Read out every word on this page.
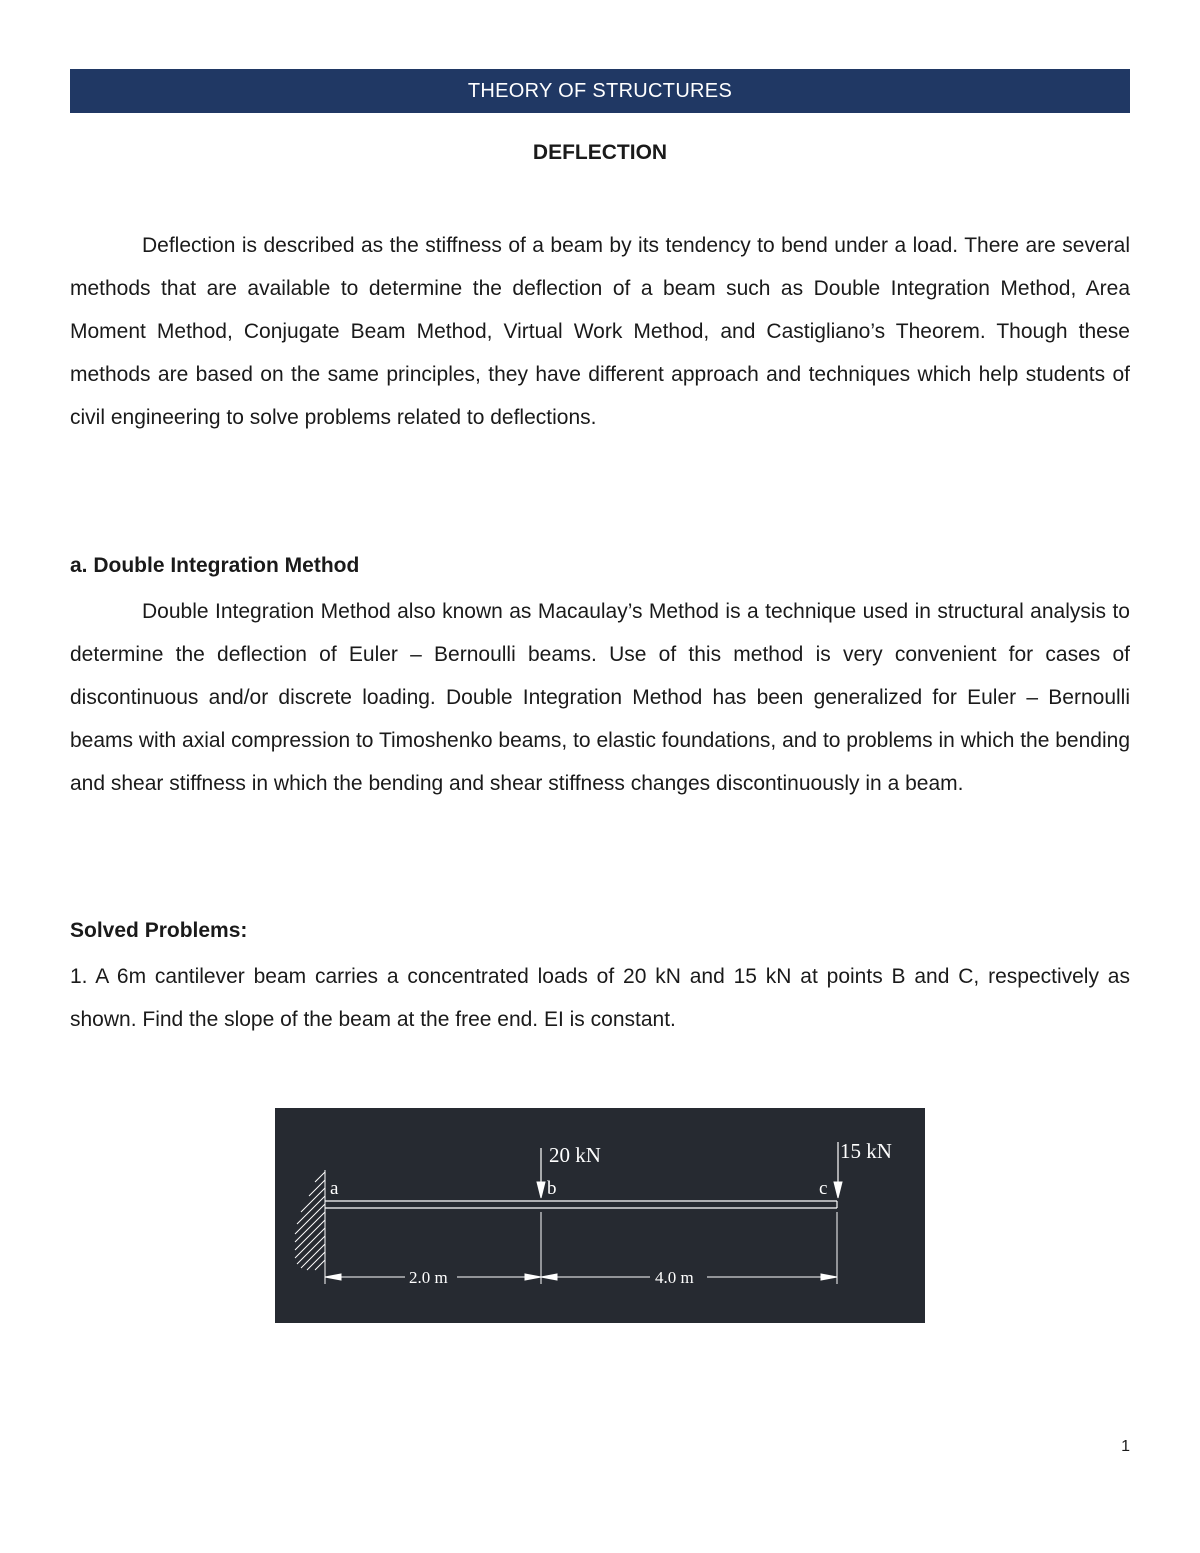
THEORY OF STRUCTURES
DEFLECTION

Deflection is described as the stiffness of a beam by its tendency to bend under a load. There are several methods that are available to determine the deflection of a beam such as Double Integration Method, Area Moment Method, Conjugate Beam Method, Virtual Work Method, and Castigliano’s Theorem. Though these methods are based on the same principles, they have different approach and techniques which help students of civil engineering to solve problems related to deflections.

a. Double Integration Method

Double Integration Method also known as Macaulay’s Method is a technique used in structural analysis to determine the deflection of Euler – Bernoulli beams. Use of this method is very convenient for cases of discontinuous and/or discrete loading. Double Integration Method has been generalized for Euler – Bernoulli beams with axial compression to Timoshenko beams, to elastic foundations, and to problems in which the bending and shear stiffness in which the bending and shear stiffness changes discontinuously in a beam.

Solved Problems:

1. A 6m cantilever beam carries a concentrated loads of 20 kN and 15 kN at points B and C, respectively as shown. Find the slope of the beam at the free end. EI is constant.

a	b	c
20 kN	15 kN
2.0 m	4.0 m
1
